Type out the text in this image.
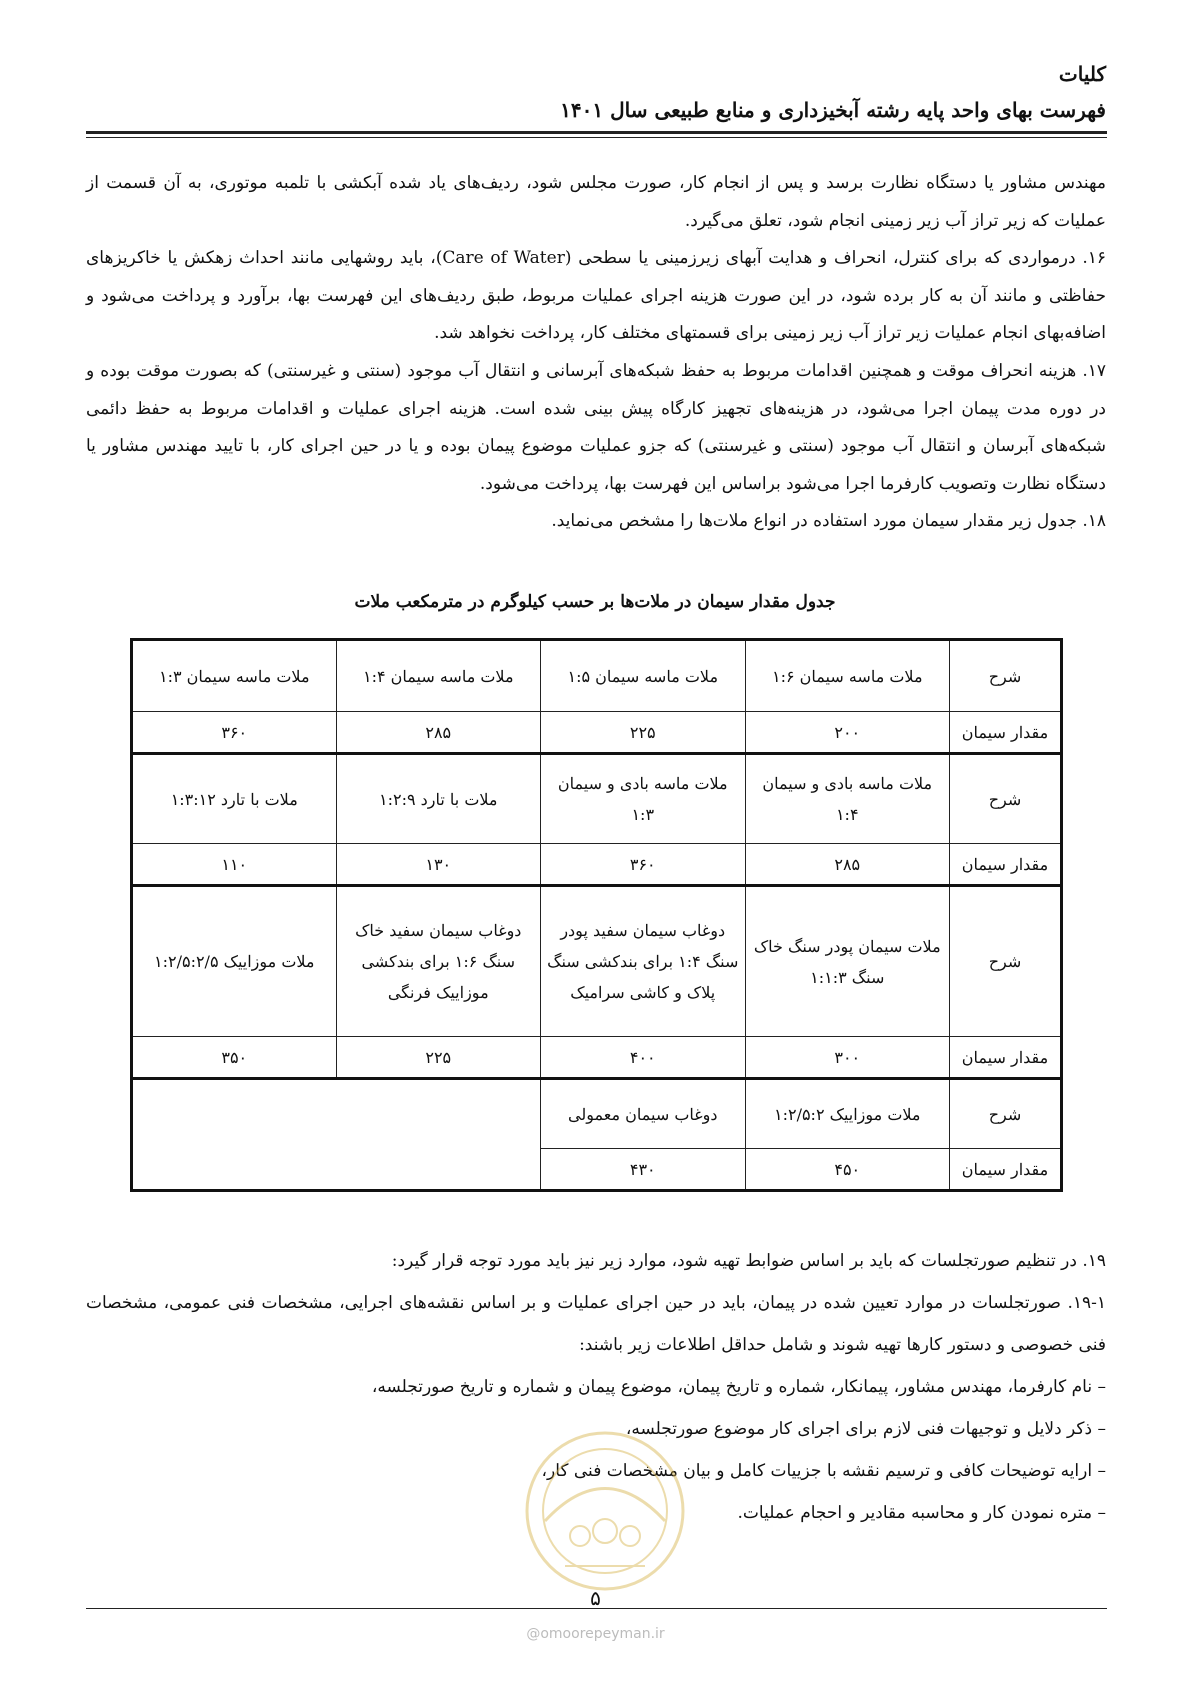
کلیات
فهرست بهای واحد پایه رشته آبخیزداری و منابع طبیعی سال ۱۴۰۱

مهندس مشاور یا دستگاه نظارت برسد و پس از انجام کار، صورت مجلس شود، ردیف‌های یاد شده آبکشی با تلمبه موتوری، به آن قسمت از عملیات که زیر تراز آب زیر زمینی انجام شود، تعلق می‌گیرد.

۱۶. درمواردی که برای کنترل، انحراف و هدایت آبهای زیرزمینی یا سطحی (Care of Water)، باید روشهایی مانند احداث زهکش یا خاکریزهای حفاظتی و مانند آن به کار برده شود، در این صورت هزینه اجرای عملیات مربوط، طبق ردیف‌های این فهرست بها، برآورد و پرداخت می‌شود و اضافه‌بهای انجام عملیات زیر تراز آب زیر زمینی برای قسمتهای مختلف کار، پرداخت نخواهد شد.

۱۷. هزینه انحراف موقت و همچنین اقدامات مربوط به حفظ شبکه‌های آبرسانی و انتقال آب موجود (سنتی و غیرسنتی) که بصورت موقت بوده و در دوره مدت پیمان اجرا می‌شود، در هزینه‌های تجهیز کارگاه پیش بینی شده است. هزینه اجرای عملیات و اقدامات مربوط به حفظ دائمی شبکه‌های آبرسان و انتقال آب موجود (سنتی و غیرسنتی) که جزو عملیات موضوع پیمان بوده و یا در حین اجرای کار، با تایید مهندس مشاور یا دستگاه نظارت وتصویب کارفرما اجرا می‌شود براساس این فهرست بها، پرداخت می‌شود.

۱۸. جدول زیر مقدار سیمان مورد استفاده در انواع ملات‌ها را مشخص می‌نماید.

جدول مقدار سیمان در ملات‌ها بر حسب کیلوگرم در مترمکعب ملات
شرح	ملات ماسه سیمان ۱:۶	ملات ماسه سیمان ۱:۵	ملات ماسه سیمان ۱:۴	ملات ماسه سیمان ۱:۳
مقدار سیمان	۲۰۰	۲۲۵	۲۸۵	۳۶۰
شرح	ملات ماسه بادی و سیمان ۱:۴	ملات ماسه بادی و سیمان ۱:۳	ملات با تارد ۱:۲:۹	ملات با تارد ۱:۳:۱۲
مقدار سیمان	۲۸۵	۳۶۰	۱۳۰	۱۱۰
شرح	ملات سیمان پودر سنگ خاک سنگ ۱:۱:۳	دوغاب سیمان سفید پودر سنگ ۱:۴ برای بندکشی سنگ پلاک و کاشی سرامیک	دوغاب سیمان سفید خاک سنگ ۱:۶ برای بندکشی موزاییک فرنگی	ملات موزاییک ۱:۲/۵:۲/۵
مقدار سیمان	۳۰۰	۴۰۰	۲۲۵	۳۵۰
شرح	ملات موزاییک ۱:۲/۵:۲	دوغاب سیمان معمولی		
مقدار سیمان	۴۵۰	۴۳۰		

۱۹. در تنظیم صورتجلسات که باید بر اساس ضوابط تهیه شود، موارد زیر نیز باید مورد توجه قرار گیرد:

۱۹-۱. صورتجلسات در موارد تعیین شده در پیمان، باید در حین اجرای عملیات و بر اساس نقشه‌های اجرایی، مشخصات فنی عمومی، مشخصات فنی خصوصی و دستور کارها تهیه شوند و شامل حداقل اطلاعات زیر باشند:

– نام کارفرما، مهندس مشاور، پیمانکار، شماره و تاریخ پیمان، موضوع پیمان و شماره و تاریخ صورتجلسه،

– ذکر دلایل و توجیهات فنی لازم برای اجرای کار موضوع صورتجلسه،

– ارایه توضیحات کافی و ترسیم نقشه با جزییات کامل و بیان مشخصات فنی کار،

– متره نمودن کار و محاسبه مقادیر و احجام عملیات.

۵
@omoorepeyman.ir
